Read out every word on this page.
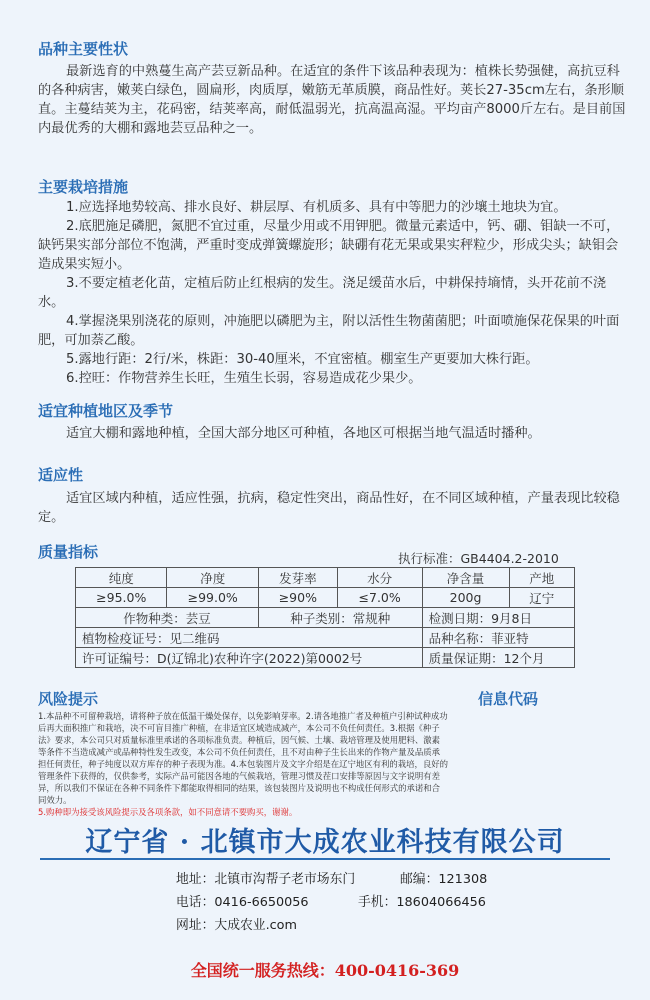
品种主要性状
最新选育的中熟蔓生高产芸豆新品种。在适宜的条件下该品种表现为：植株长势强健，高抗豆科的各种病害，嫩荚白绿色，圆扁形，肉质厚，嫩筋无革质膜，商品性好。荚长27-35cm左右，条形顺直。主蔓结荚为主，花码密，结荚率高，耐低温弱光，抗高温高湿。平均亩产8000斤左右。是目前国内最优秀的大棚和露地芸豆品种之一。
主要栽培措施

1.应选择地势较高、排水良好、耕层厚、有机质多、具有中等肥力的沙壤土地块为宜。

2.底肥施足磷肥，氮肥不宜过重，尽量少用或不用钾肥。微量元素适中，钙、硼、钼缺一不可，缺钙果实部分部位不饱满，严重时变成弹簧螺旋形；缺硼有花无果或果实秤粒少，形成尖头；缺钼会造成果实短小。

3.不要定植老化苗，定植后防止红根病的发生。浇足缓苗水后，中耕保持墒情，头开花前不浇水。

4.掌握浇果别浇花的原则，冲施肥以磷肥为主，附以活性生物菌菌肥；叶面喷施保花保果的叶面肥，可加萘乙酸。

5.露地行距：2行/米，株距：30-40厘米，不宜密植。棚室生产更要加大株行距。

6.控旺：作物营养生长旺，生殖生长弱，容易造成花少果少。

适宜种植地区及季节
适宜大棚和露地种植，全国大部分地区可种植，各地区可根据当地气温适时播种。
适应性
适宜区域内种植，适应性强，抗病，稳定性突出，商品性好，在不同区域种植，产量表现比较稳定。
质量指标	执行标准：GB4404.2-2010
纯度	净度	发芽率	水分	净含量	产地
≥95.0%	≥99.0%	≥90%	≤7.0%	200g	辽宁
作物种类：芸豆		种子类别：常规种		检测日期：9月8日	
植物检疫证号：见二维码				品种名称：菲亚特	
许可证编号：D(辽锦北)农种许字(2022)第0002号				质量保证期：12个月	
风险提示
1.本品种不可留种栽培，请将种子放在低温干燥处保存，以免影响芽率。2.请各地推广者及种植户引种试种成功后再大面积推广和栽培，决不可盲目推广种植，在非适宜区域造成减产，本公司不负任何责任。3.根据《种子法》要求，本公司只对质量标准里承诺的各项标准负责。种植后，因气候、土壤、栽培管理及使用肥料、激素等条件不当造成减产或品种特性发生改变，本公司不负任何责任，且不对由种子生长出来的作物产量及品质承担任何责任，种子纯度以双方库存的种子表现为准。4.本包装图片及文字介绍是在辽宁地区有利的栽培，良好的管理条件下获得的，仅供参考，实际产品可能因各地的气候栽培，管理习惯及茬口安排等原因与文字说明有差异，所以我们不保证在各种不同条件下都能取得相同的结果，该包装图片及说明也不构成任何形式的承诺和合同效力。
5.购种即为接受该风险提示及各项条款，如不同意请不要购买，谢谢。
信息代码
辽宁省 · 北镇市大成农业科技有限公司
地址：北镇市沟帮子老市场东门	邮编：121308
电话：0416-6650056	手机：18604066456
网址：大成农业.com
全国统一服务热线：400-0416-369
